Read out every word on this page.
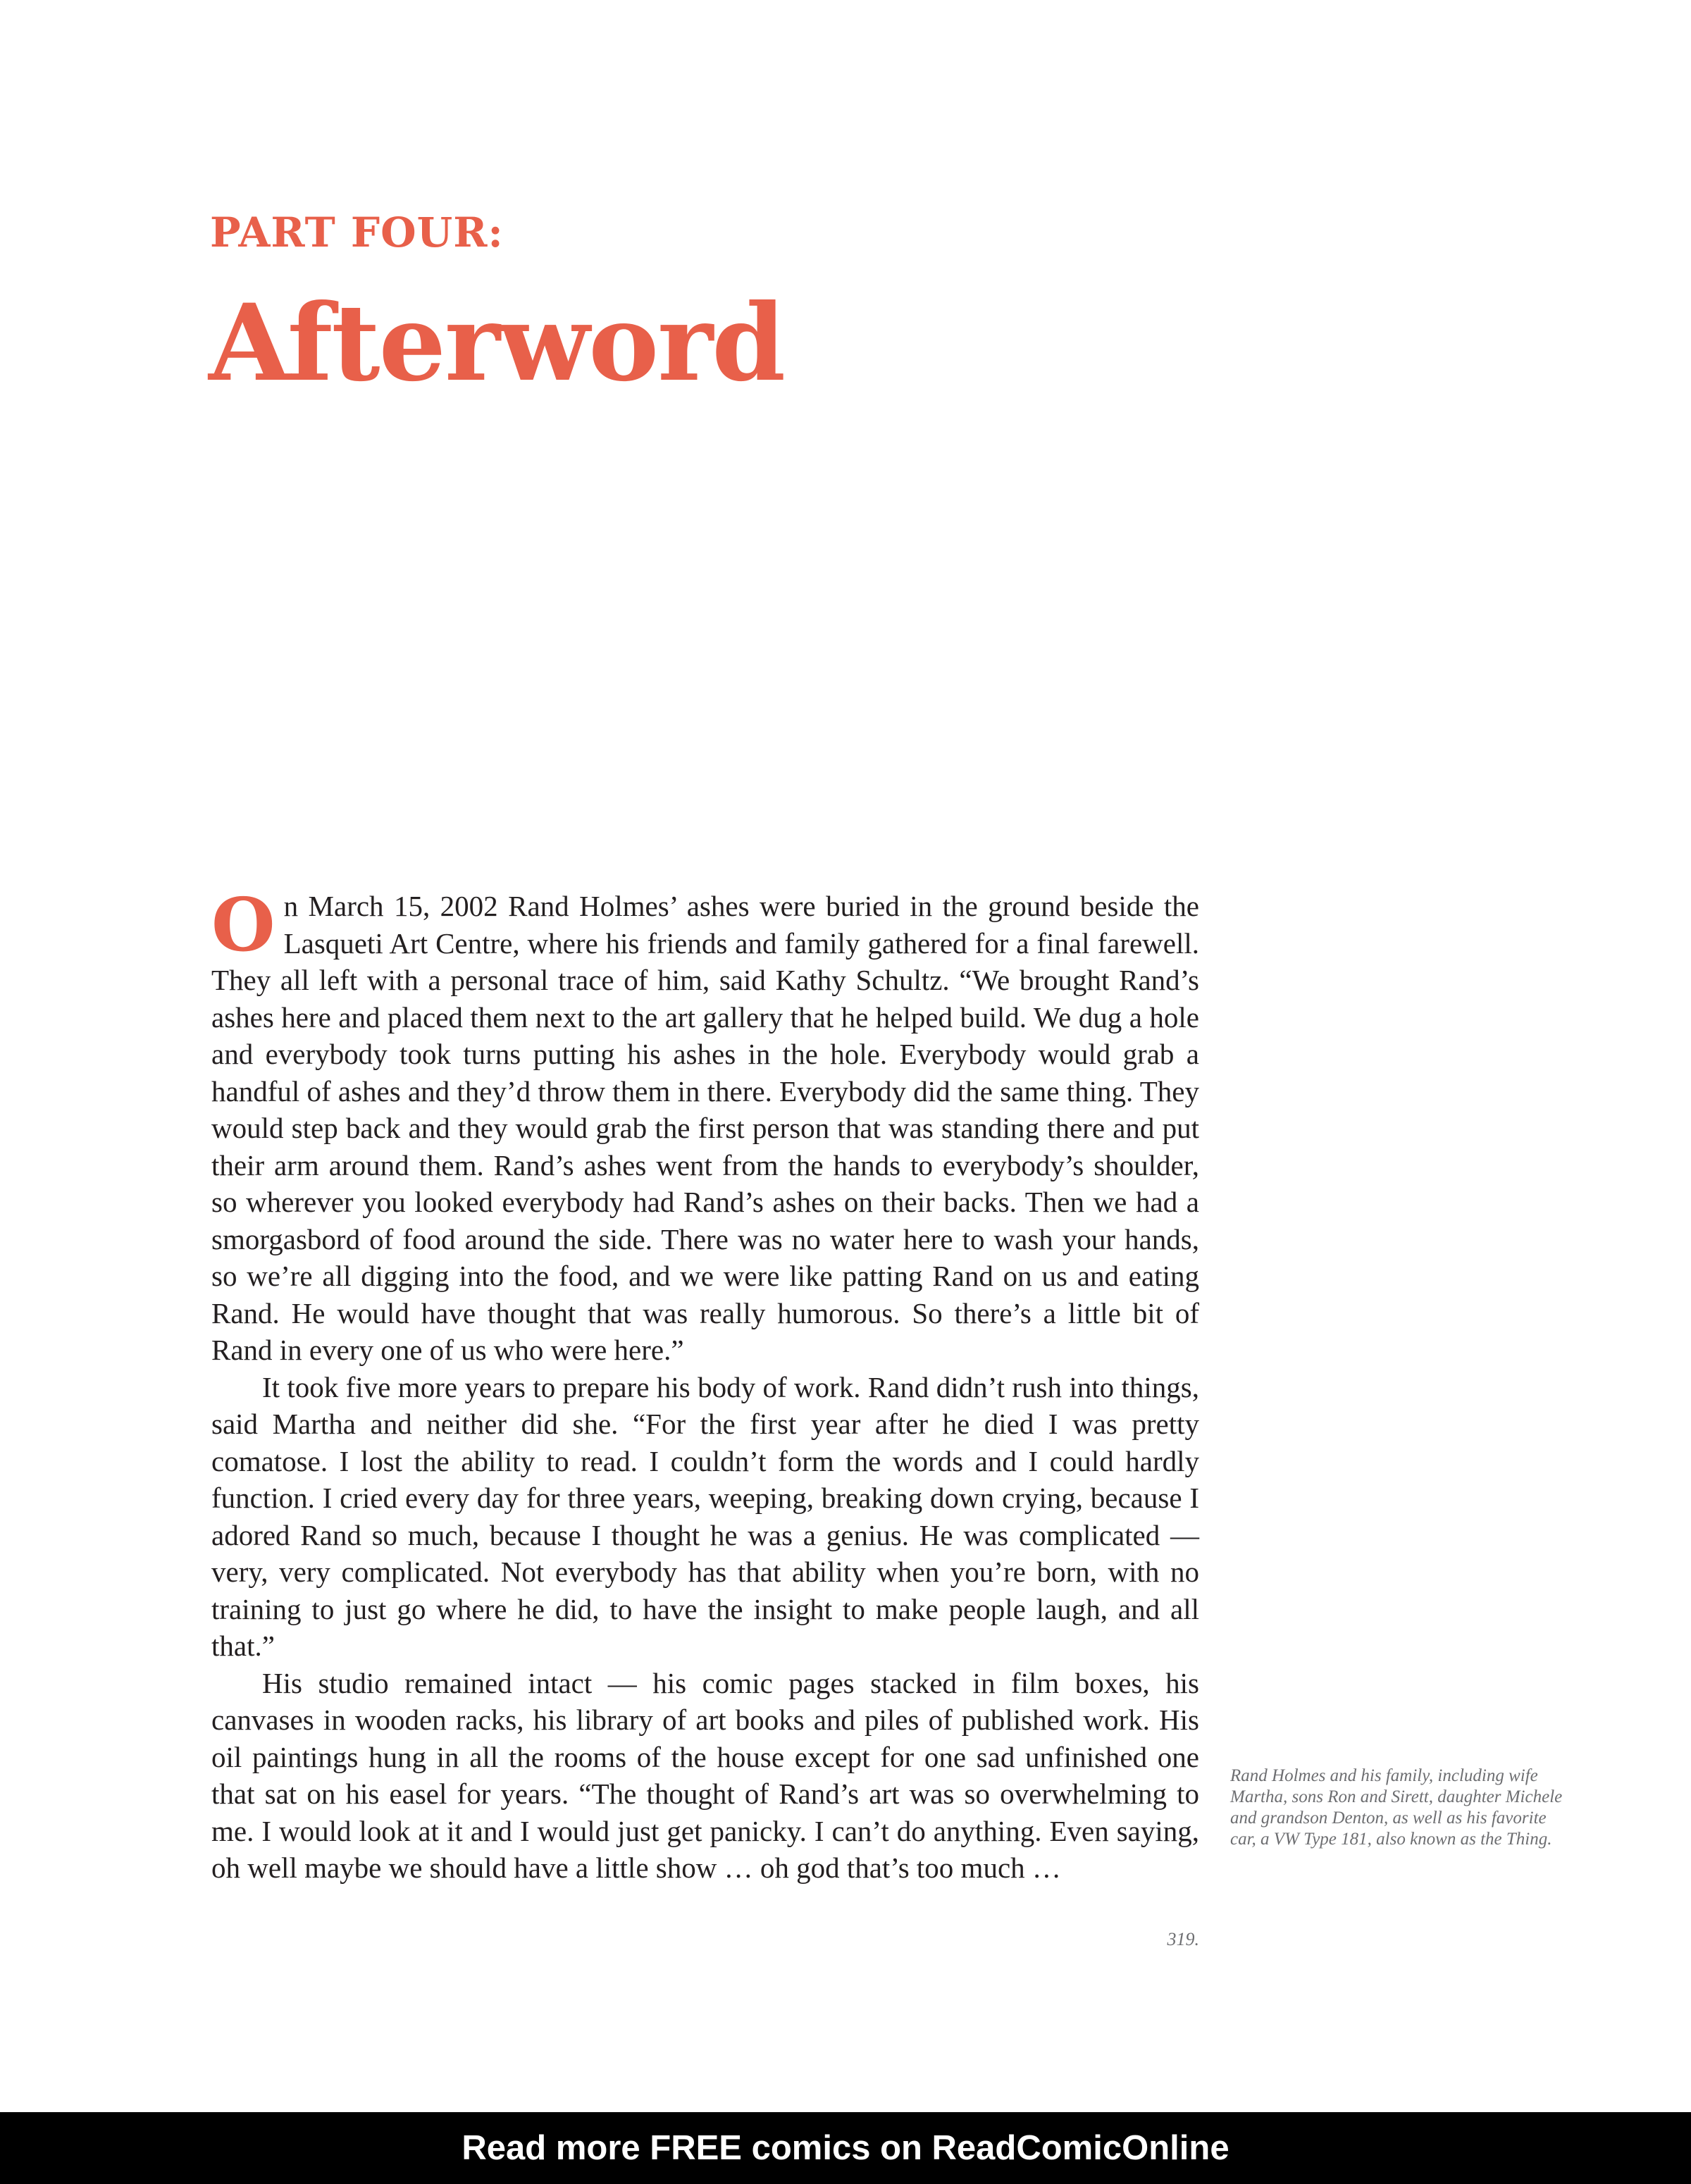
PART FOUR:
Afterword

On March 15, 2002 Rand Holmes’ ashes were buried in the ground beside the Lasqueti Art Centre, where his friends and family gathered for a final farewell. They all left with a personal trace of him, said Kathy Schultz. “We brought Rand’s ashes here and placed them next to the art gallery that he helped build. We dug a hole and everybody took turns putting his ashes in the hole. Everybody would grab a handful of ashes and they’d throw them in there. Everybody did the same thing. They would step back and they would grab the first person that was standing there and put their arm around them. Rand’s ashes went from the hands to everybody’s shoulder, so wherever you looked everybody had Rand’s ashes on their backs. Then we had a smorgasbord of food around the side. There was no water here to wash your hands, so we’re all digging into the food, and we were like patting Rand on us and eating Rand. He would have thought that was really humorous. So there’s a little bit of Rand in every one of us who were here.”

It took five more years to prepare his body of work. Rand didn’t rush into things, said Martha and neither did she. “For the first year after he died I was pretty comatose. I lost the ability to read. I couldn’t form the words and I could hardly function. I cried every day for three years, weeping, breaking down crying, because I adored Rand so much, because I thought he was a genius. He was complicated — very, very complicated. Not everybody has that ability when you’re born, with no training to just go where he did, to have the insight to make people laugh, and all that.”

His studio remained intact — his comic pages stacked in film boxes, his canvases in wooden racks, his library of art books and piles of published work. His oil paintings hung in all the rooms of the house except for one sad unfinished one that sat on his easel for years. “The thought of Rand’s art was so overwhelming to me. I would look at it and I would just get panicky. I can’t do anything. Even saying, oh well maybe we should have a little show … oh god that’s too much …

Rand Holmes and his family, including wife Martha, sons Ron and Sirett, daughter Michele and grandson Denton, as well as his favorite car, a VW Type 181, also known as the Thing.

319.

Read more FREE comics on ReadComicOnline
